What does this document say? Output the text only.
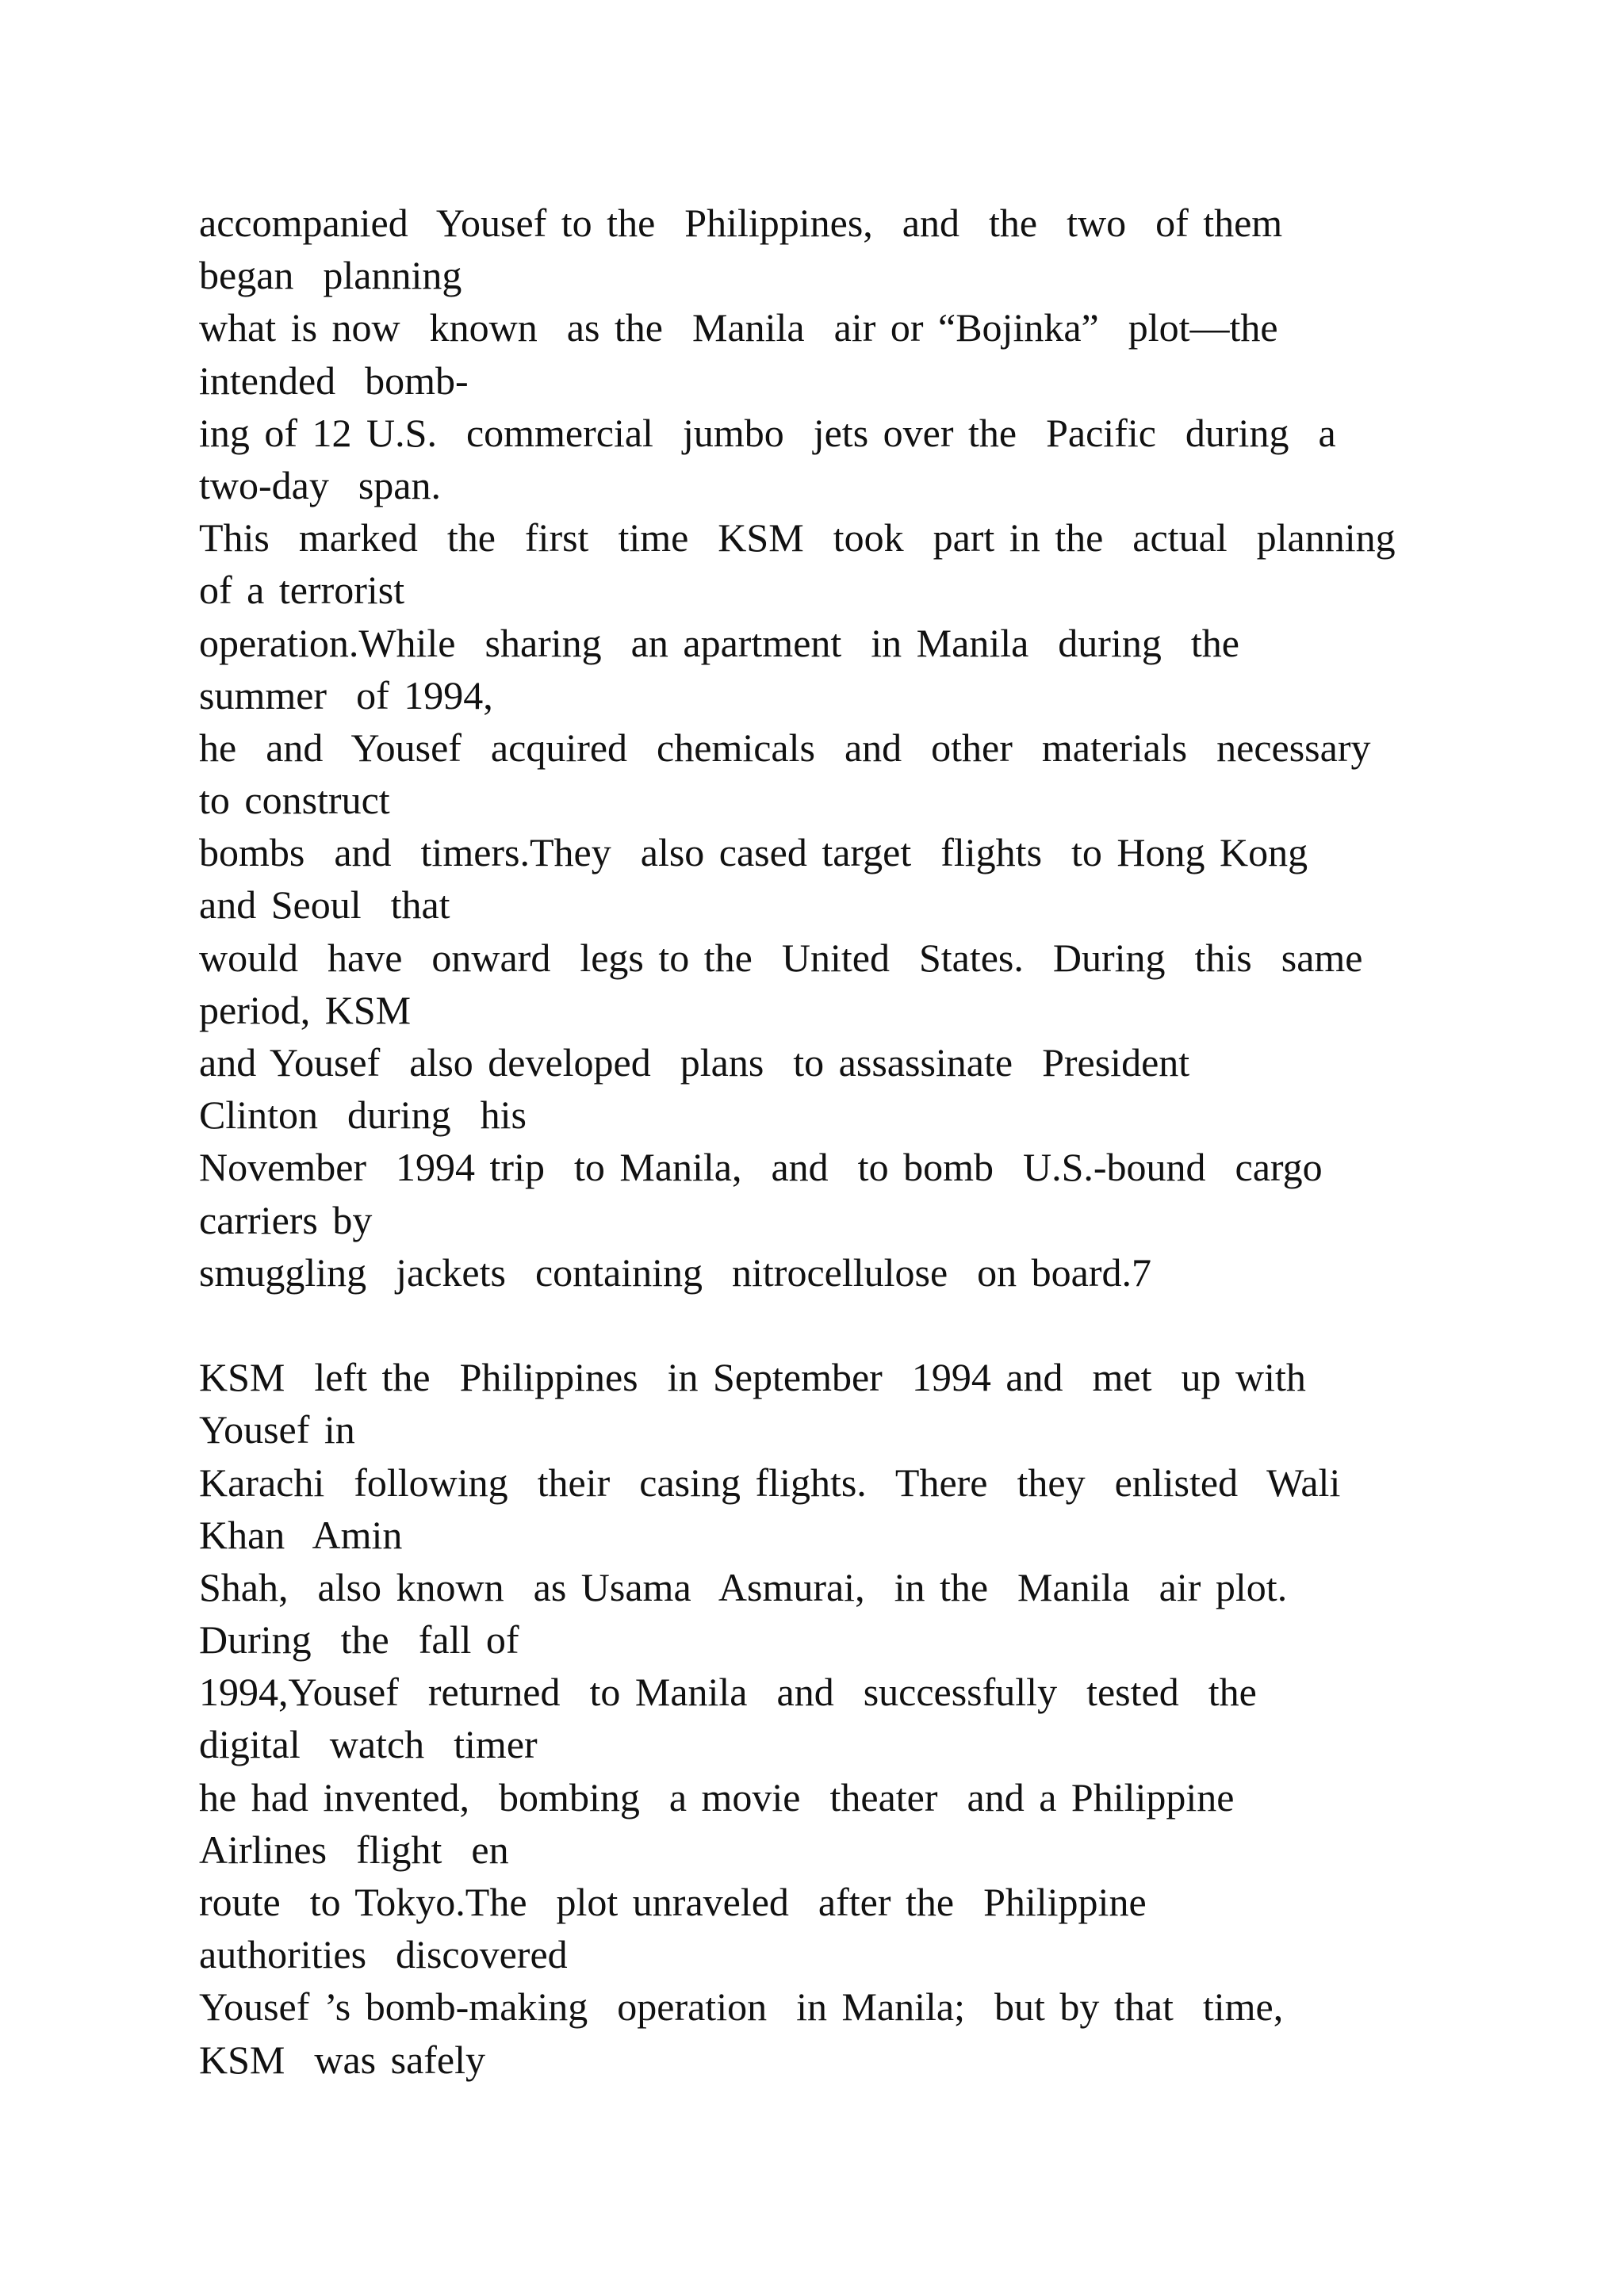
accompanied  Yousef to the  Philippines,  and  the  two  of them
began  planning
what is now  known  as the  Manila  air or “Bojinka”  plot—the
intended  bomb-
ing of 12 U.S.  commercial  jumbo  jets over the  Pacific  during  a
two-day  span.
This  marked  the  first  time  KSM  took  part in the  actual  planning
of a terrorist
operation.While  sharing  an apartment  in Manila  during  the
summer  of 1994,
he  and  Yousef  acquired  chemicals  and  other  materials  necessary
to construct
bombs  and  timers.They  also cased target  flights  to Hong Kong
and Seoul  that
would  have  onward  legs to the  United  States.  During  this  same
period, KSM
and Yousef  also developed  plans  to assassinate  President
Clinton  during  his
November  1994 trip  to Manila,  and  to bomb  U.S.-bound  cargo
carriers by
smuggling  jackets  containing  nitrocellulose  on board.7
KSM  left the  Philippines  in September  1994 and  met  up with
Yousef in
Karachi  following  their  casing flights.  There  they  enlisted  Wali
Khan  Amin
Shah,  also known  as Usama  Asmurai,  in the  Manila  air plot.
During  the  fall of
1994,Yousef  returned  to Manila  and  successfully  tested  the
digital  watch  timer
he had invented,  bombing  a movie  theater  and a Philippine
Airlines  flight  en
route  to Tokyo.The  plot unraveled  after the  Philippine
authorities  discovered
Yousef ’s bomb-making  operation  in Manila;  but by that  time,
KSM  was safely
